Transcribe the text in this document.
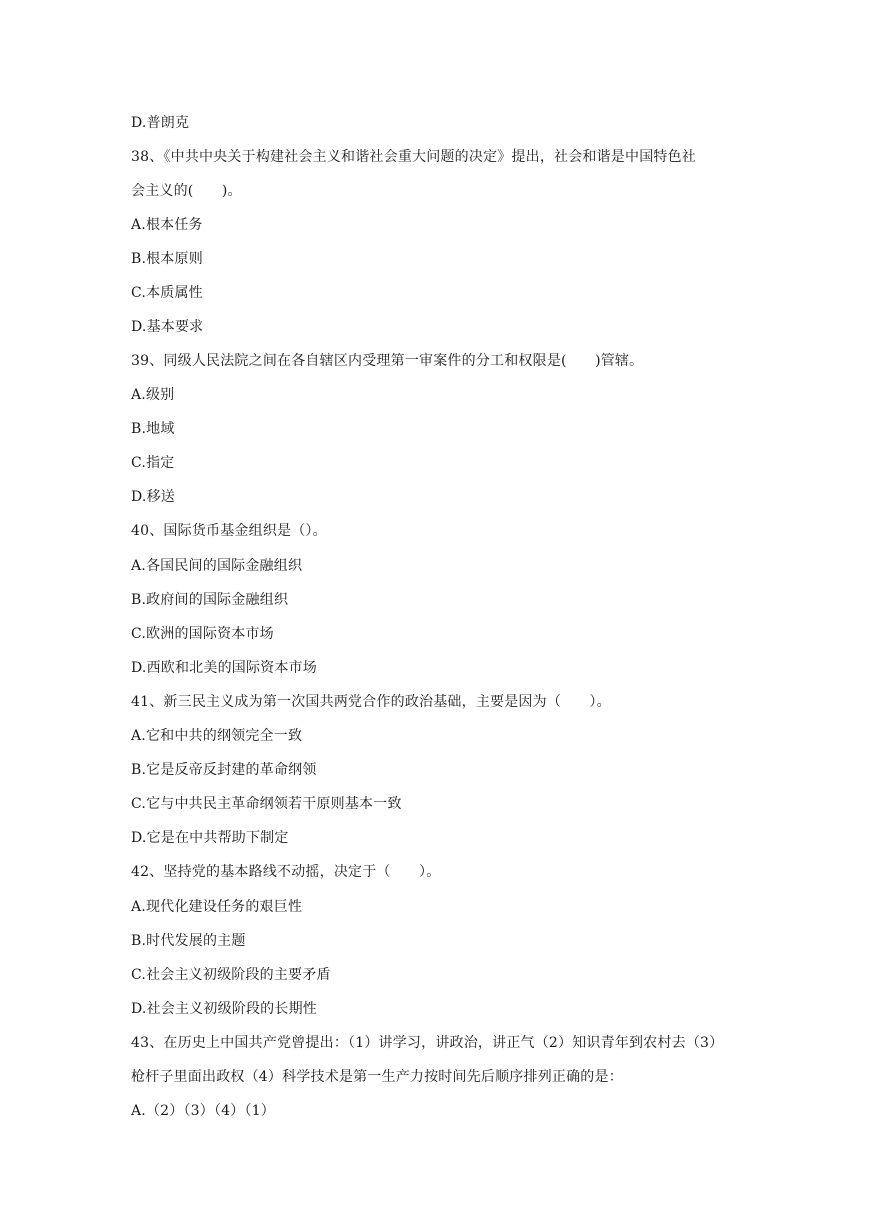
D.普朗克
38、《中共中央关于构建社会主义和谐社会重大问题的决定》提出，社会和谐是中国特色社
会主义的(　　)。
A.根本任务
B.根本原则
C.本质属性
D.基本要求
39、同级人民法院之间在各自辖区内受理第一审案件的分工和权限是(　　)管辖。
A.级别
B.地域
C.指定
D.移送
40、国际货币基金组织是（）。
A.各国民间的国际金融组织
B.政府间的国际金融组织
C.欧洲的国际资本市场
D.西欧和北美的国际资本市场
41、新三民主义成为第一次国共两党合作的政治基础，主要是因为（　　）。
A.它和中共的纲领完全一致
B.它是反帝反封建的革命纲领
C.它与中共民主革命纲领若干原则基本一致
D.它是在中共帮助下制定
42、坚持党的基本路线不动摇，决定于（　　）。
A.现代化建设任务的艰巨性
B.时代发展的主题
C.社会主义初级阶段的主要矛盾
D.社会主义初级阶段的长期性
43、在历史上中国共产党曾提出：（1）讲学习，讲政治，讲正气（2）知识青年到农村去（3）
枪杆子里面出政权（4）科学技术是第一生产力按时间先后顺序排列正确的是：
A.（2）（3）（4）（1）
